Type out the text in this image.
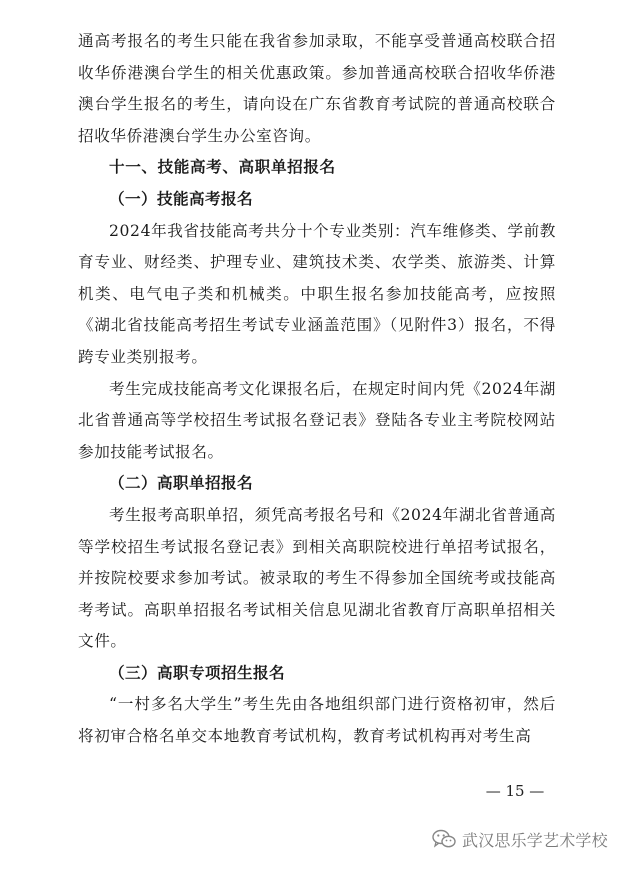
通高考报名的考生只能在我省参加录取，不能享受普通高校联合招收华侨港澳台学生的相关优惠政策。参加普通高校联合招收华侨港澳台学生报名的考生，请向设在广东省教育考试院的普通高校联合招收华侨港澳台学生办公室咨询。

十一、技能高考、高职单招报名

（一）技能高考报名

2024年我省技能高考共分十个专业类别：汽车维修类、学前教育专业、财经类、护理专业、建筑技术类、农学类、旅游类、计算机类、电气电子类和机械类。中职生报名参加技能高考，应按照《湖北省技能高考招生考试专业涵盖范围》（见附件3）报名，不得跨专业类别报考。

考生完成技能高考文化课报名后，在规定时间内凭《2024年湖北省普通高等学校招生考试报名登记表》登陆各专业主考院校网站参加技能考试报名。

（二）高职单招报名

考生报考高职单招，须凭高考报名号和《2024年湖北省普通高等学校招生考试报名登记表》到相关高职院校进行单招考试报名，并按院校要求参加考试。被录取的考生不得参加全国统考或技能高考考试。高职单招报名考试相关信息见湖北省教育厅高职单招相关文件。

（三）高职专项招生报名

“一村多名大学生”考生先由各地组织部门进行资格初审，然后将初审合格名单交本地教育考试机构，教育考试机构再对考生高

— 15 —
武汉思乐学艺术学校
